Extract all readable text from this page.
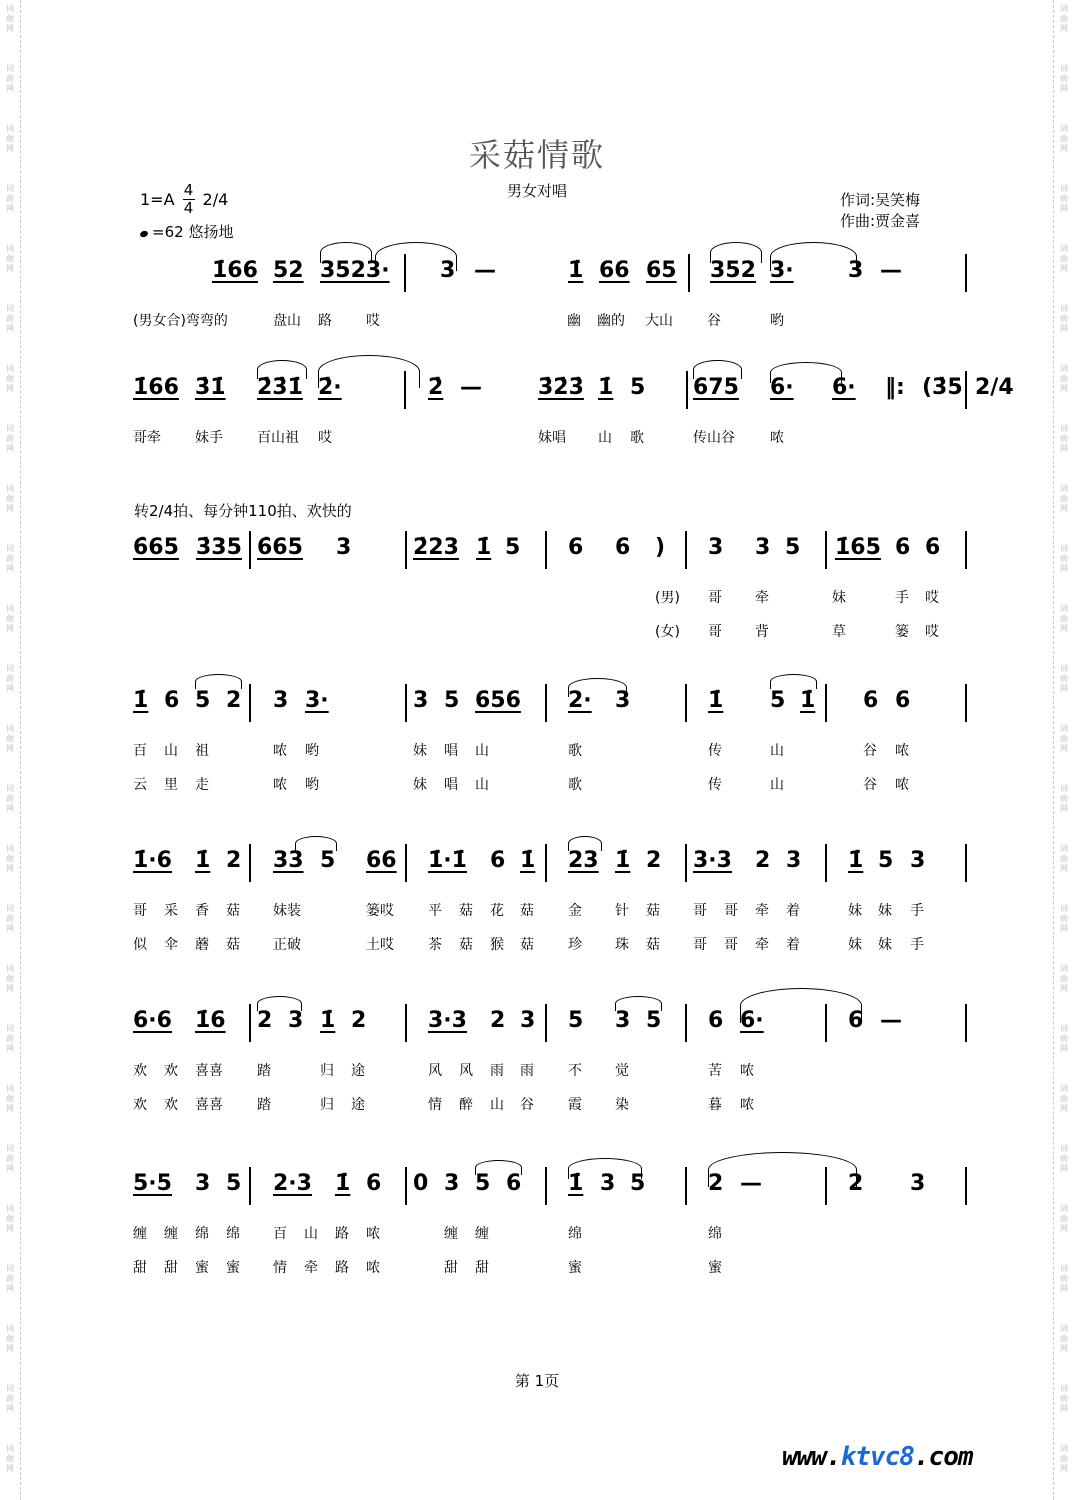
词
曲
网
词
曲
网
词
曲
网
词
曲
网
词
曲
网
词
曲
网
词
曲
网
词
曲
网
词
曲
网
词
曲
网
词
曲
网
词
曲
网
词
曲
网
词
曲
网
词
曲
网
词
曲
网
词
曲
网
词
曲
网
词
曲
网
词
曲
网
词
曲
网
词
曲
网
词
曲
网
词
曲
网
词
曲
网
词
曲
网
词
曲
网
词
曲
网
词
曲
网
词
曲
网
词
曲
网
词
曲
网
词
曲
网
词
曲
网
词
曲
网
词
曲
网
词
曲
网
词
曲
网
词
曲
网
词
曲
网
词
曲
网
词
曲
网
词
曲
网
词
曲
网
词
曲
网
词
曲
网
词
曲
网
词
曲
网
词
曲
网
词
曲
网
采菇情歌
男女对唱	作词:吴笑梅
作曲:贾金喜
$1=A \frac{4}{4} 2/4$
=62 悠扬地
转2/4拍、每分钟110拍、欢快的
1̇66 52 3523· 3 —	1̇ 66 65 352 3· 3 —
(男女合)弯弯的	盘山 路 哎	幽 幽的 大山 谷	哟
1̇66 3̇1̇ 2̇3̇1̇ 2̇·	2̇ —	3̇2̇3̇ 1̇ 5 675 6· 6· ‖: (3̇5 2/4
哥牵 妹手 百山祖 哎	妹唱 山 歌	传山谷	哝
6̇65 3̇35 6̇65 3	2̇23 1̇ 5 6 6 ) 3 3 5 1̇65 6 6
(男) 哥 牵	妹	手 哎
(女) 哥 背	草	篓 哎
1̇ 6 5 2 3 3·	3 5 656 2· 3	1̇ 5 1̇ 6 6
百 山 祖	哝 哟	妹 唱 山	歌	传	山	谷 哝
云 里 走	哝 哟	妹 唱 山	歌	传	山	谷 哝
1̇·6 1̇ 2 33 5 66 1̇·1̇ 6 1̇ 23 1̇ 2 3·3 2 3 1̇ 5 3
哥 采 香 菇 妹装	篓哎 平 菇 花 菇 金 针 菇 哥 哥 牵 着	妹 妹 手
似 伞 蘑 菇 正破	土哎 茶 菇 猴 菇 珍 珠 菇 哥 哥 牵 着	妹 妹 手
6·6 1̇6 2 3 1̇ 2	3·3 2 3 5 3 5 6 6·	6 —
欢 欢 喜喜 踏	归 途	风 风 雨 雨 不 觉	苦 哝
欢 欢 喜喜 踏	归 途	情 醉 山 谷 霞 染	暮 哝
5·5 3 5 2·3 1̇ 6 0 3 5 6 1̇ 3 5	2 —	2 3
缠 缠 绵 绵 百 山 路 哝	缠 缠	绵	绵
甜 甜 蜜 蜜 情 牵 路 哝	甜 甜	蜜	蜜
第 1页
www.ktvc8.com
